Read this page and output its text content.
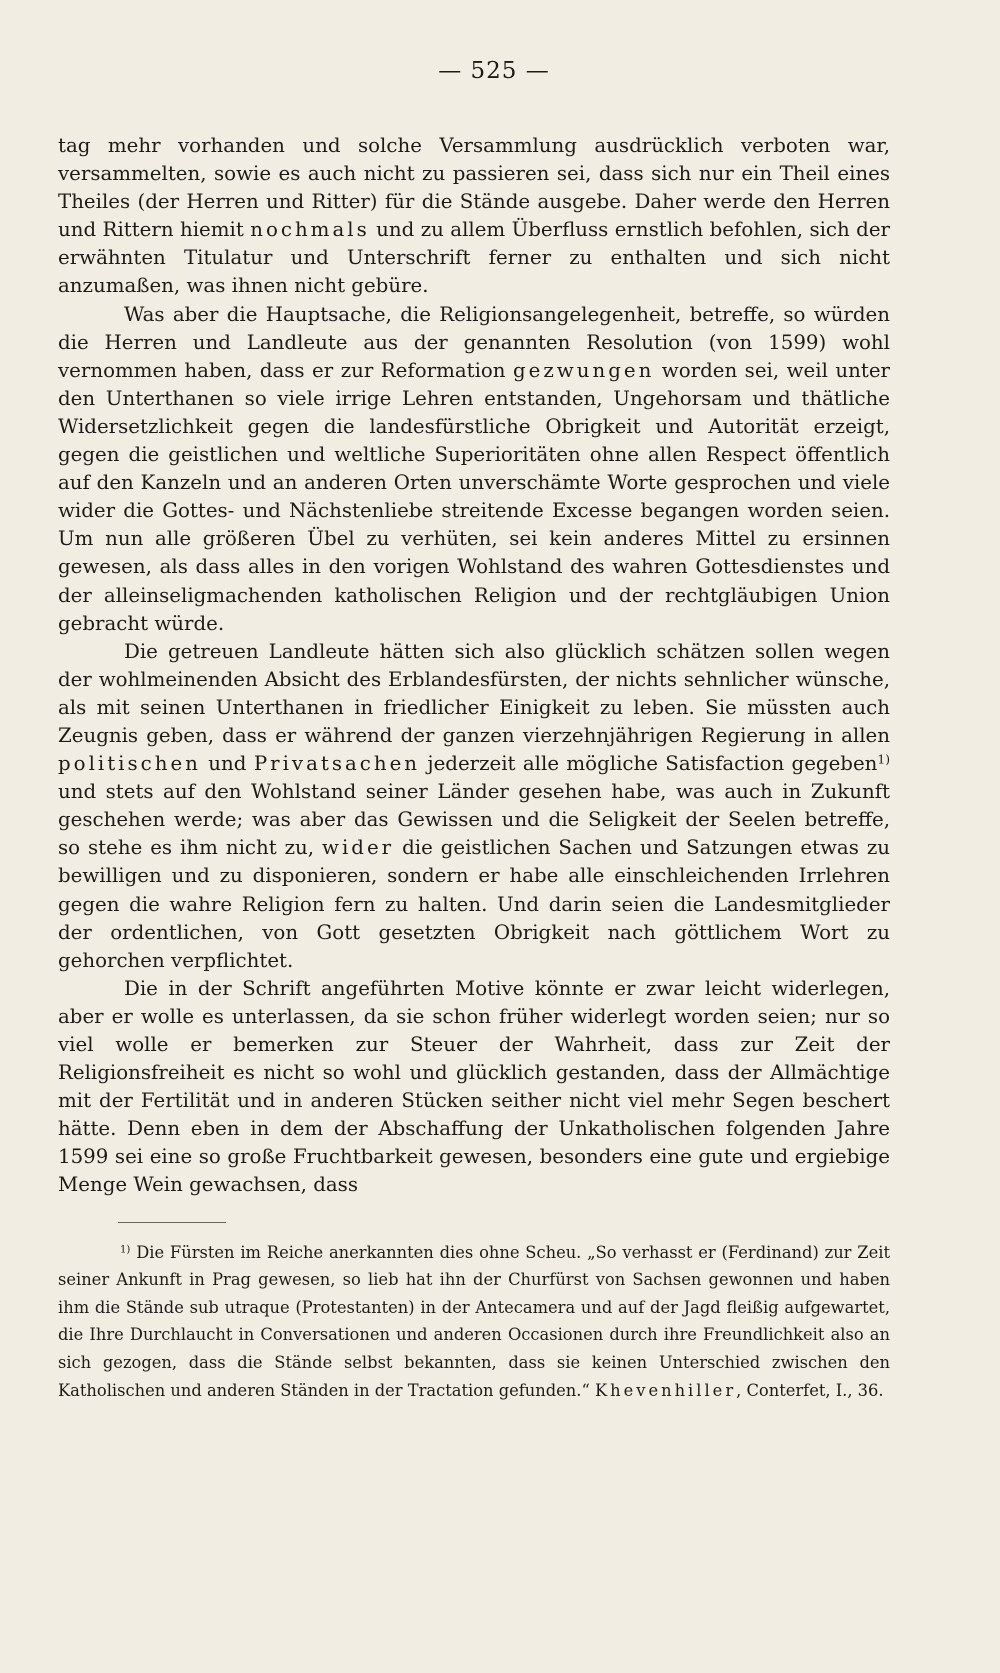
— 525 —

tag mehr vorhanden und solche Versammlung ausdrücklich verboten war, versammelten, sowie es auch nicht zu passieren sei, dass sich nur ein Theil eines Theiles (der Herren und Ritter) für die Stände ausgebe. Daher werde den Herren und Rittern hiemit nochmals und zu allem Überfluss ernstlich befohlen, sich der erwähnten Titulatur und Unterschrift ferner zu enthalten und sich nicht anzumaßen, was ihnen nicht gebüre.

Was aber die Hauptsache, die Religionsangelegenheit, betreffe, so würden die Herren und Landleute aus der genannten Resolution (von 1599) wohl vernommen haben, dass er zur Reformation gezwungen worden sei, weil unter den Unterthanen so viele irrige Lehren entstanden, Ungehorsam und thätliche Widersetzlichkeit gegen die landesfürstliche Obrigkeit und Autorität erzeigt, gegen die geistlichen und weltliche Superioritäten ohne allen Respect öffentlich auf den Kanzeln und an anderen Orten unverschämte Worte gesprochen und viele wider die Gottes- und Nächstenliebe streitende Excesse begangen worden seien. Um nun alle größeren Übel zu verhüten, sei kein anderes Mittel zu ersinnen gewesen, als dass alles in den vorigen Wohlstand des wahren Gottesdienstes und der alleinseligmachenden katholischen Religion und der rechtgläubigen Union gebracht würde.

Die getreuen Landleute hätten sich also glücklich schätzen sollen wegen der wohlmeinenden Absicht des Erblandesfürsten, der nichts sehnlicher wünsche, als mit seinen Unterthanen in friedlicher Einigkeit zu leben. Sie müssten auch Zeugnis geben, dass er während der ganzen vierzehnjährigen Regierung in allen politischen und Privatsachen jederzeit alle mögliche Satisfaction gegeben$^{1)}$ und stets auf den Wohlstand seiner Länder gesehen habe, was auch in Zukunft geschehen werde; was aber das Gewissen und die Seligkeit der Seelen betreffe, so stehe es ihm nicht zu, wider die geistlichen Sachen und Satzungen etwas zu bewilligen und zu disponieren, sondern er habe alle einschleichenden Irrlehren gegen die wahre Religion fern zu halten. Und darin seien die Landesmitglieder der ordentlichen, von Gott gesetzten Obrigkeit nach göttlichem Wort zu gehorchen verpflichtet.

Die in der Schrift angeführten Motive könnte er zwar leicht widerlegen, aber er wolle es unterlassen, da sie schon früher widerlegt worden seien; nur so viel wolle er bemerken zur Steuer der Wahrheit, dass zur Zeit der Religionsfreiheit es nicht so wohl und glücklich gestanden, dass der Allmächtige mit der Fertilität und in anderen Stücken seither nicht viel mehr Segen beschert hätte. Denn eben in dem der Abschaffung der Unkatholischen folgenden Jahre 1599 sei eine so große Fruchtbarkeit gewesen, besonders eine gute und ergiebige Menge Wein gewachsen, dass

$^{1)}$ Die Fürsten im Reiche anerkannten dies ohne Scheu. „So verhasst er (Ferdinand) zur Zeit seiner Ankunft in Prag gewesen, so lieb hat ihn der Churfürst von Sachsen gewonnen und haben ihm die Stände sub utraque (Protestanten) in der Antecamera und auf der Jagd fleißig aufgewartet, die Ihre Durchlaucht in Conversationen und anderen Occasionen durch ihre Freundlichkeit also an sich gezogen, dass die Stände selbst bekannten, dass sie keinen Unterschied zwischen den Katholischen und anderen Ständen in der Tractation gefunden.“ Khevenhiller, Conterfet, I., 36.
